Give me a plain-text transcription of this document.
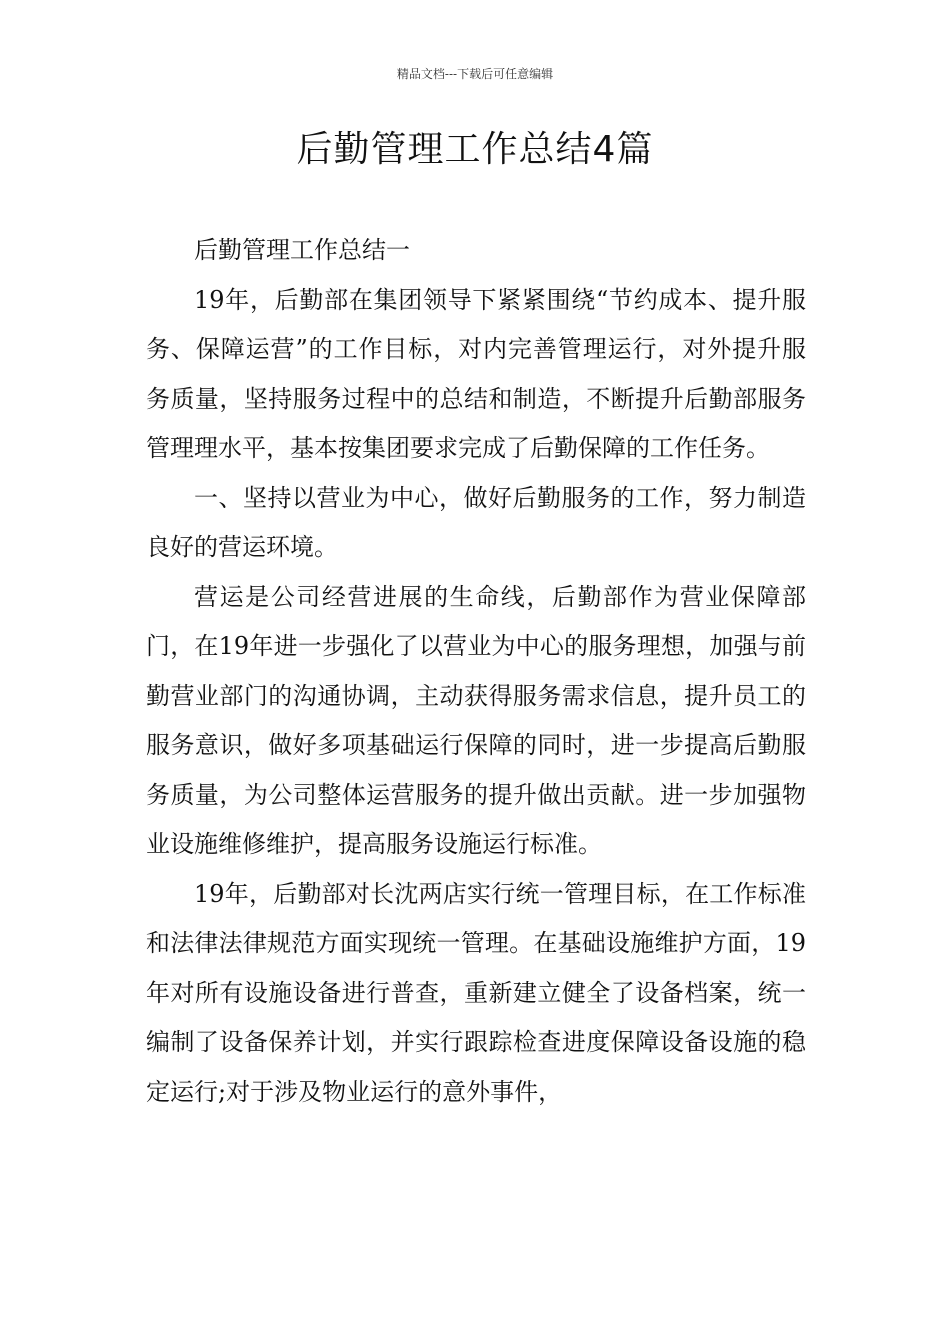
精品文档---下载后可任意编辑
后勤管理工作总结4篇

后勤管理工作总结一

19年，后勤部在集团领导下紧紧围绕“节约成本、提升服务、保障运营”的工作目标，对内完善管理运行，对外提升服务质量，坚持服务过程中的总结和制造，不断提升后勤部服务管理理水平，基本按集团要求完成了后勤保障的工作任务。

一、坚持以营业为中心，做好后勤服务的工作，努力制造良好的营运环境。

营运是公司经营进展的生命线，后勤部作为营业保障部门，在19年进一步强化了以营业为中心的服务理想，加强与前勤营业部门的沟通协调，主动获得服务需求信息，提升员工的服务意识，做好多项基础运行保障的同时，进一步提高后勤服务质量，为公司整体运营服务的提升做出贡献。进一步加强物业设施维修维护，提高服务设施运行标准。

19年，后勤部对长沈两店实行统一管理目标，在工作标准和法律法律规范方面实现统一管理。在基础设施维护方面，19年对所有设施设备进行普查，重新建立健全了设备档案，统一编制了设备保养计划，并实行跟踪检查进度保障设备设施的稳定运行;对于涉及物业运行的意外事件，
